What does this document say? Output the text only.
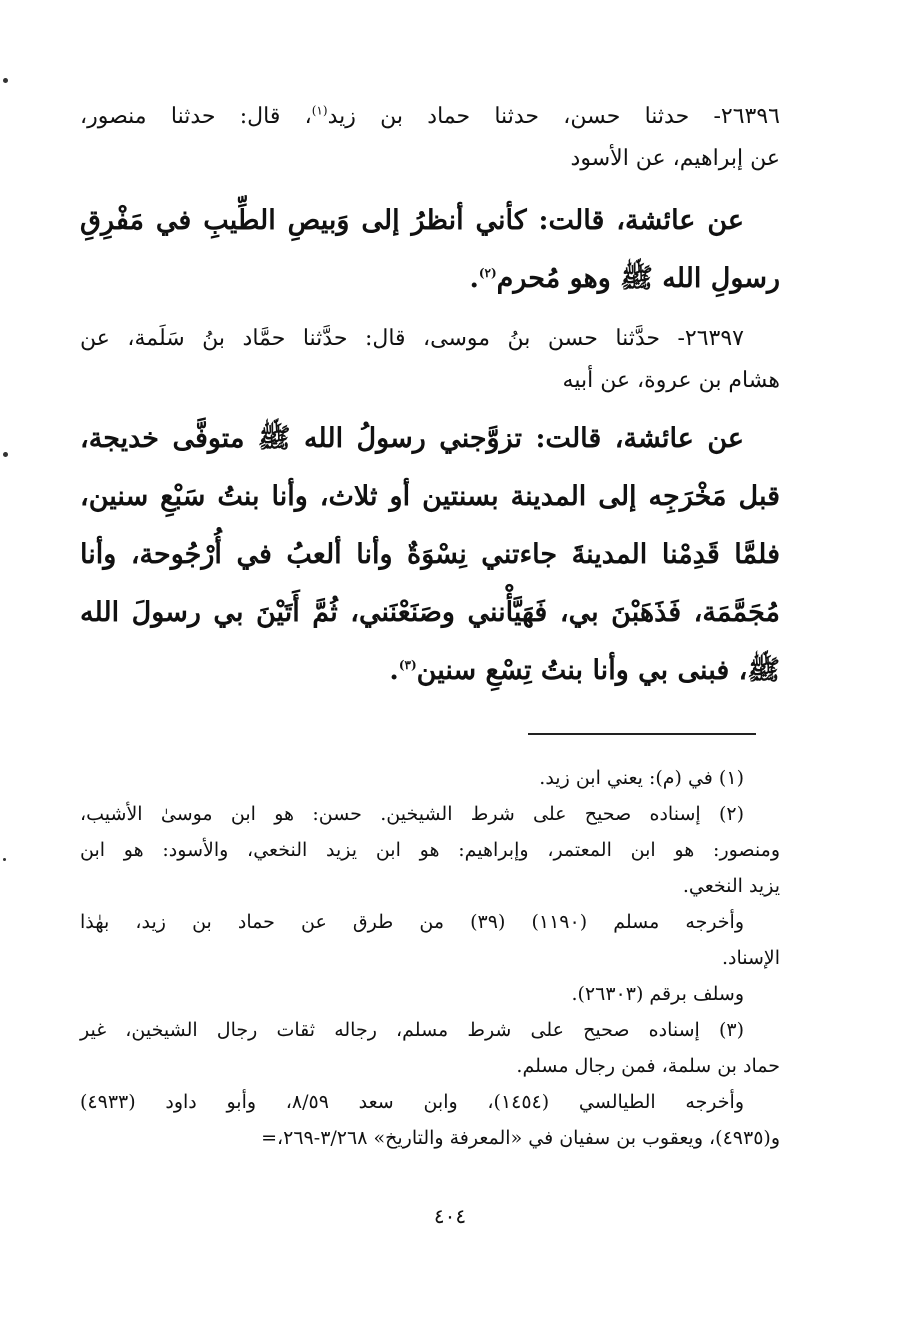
٢٦٣٩٦- حدثنا حسن، حدثنا حماد بن زيد$^{(١)}$، قال: حدثنا منصور،
عن إبراهيم، عن الأسود
عن عائشة، قالت: كأني أنظرُ إلى وَبيصِ الطِّيبِ في مَفْرِقِ
رسولِ الله ﷺ وهو مُحرم$^{(٢)}$.
٢٦٣٩٧- حدَّثنا حسن بنُ موسى، قال: حدَّثنا حمَّاد بنُ سَلَمة، عن
هشام بن عروة، عن أبيه
عن عائشة، قالت: تزوَّجني رسولُ الله ﷺ متوفَّى خديجة،
قبل مَخْرَجِه إلى المدينة بسنتين أو ثلاث، وأنا بنتُ سَبْعِ سنين،
فلمَّا قَدِمْنا المدينةَ جاءتني نِسْوَةٌ وأنا ألعبُ في أُرْجُوحة، وأنا
مُجَمَّمَة، فَذَهَبْنَ بي، فَهَيَّأْنني وصَنَعْنَني، ثُمَّ أَتَيْنَ بي رسولَ الله
ﷺ، فبنى بي وأنا بنتُ تِسْعِ سنين$^{(٣)}$.
(١) في (م): يعني ابن زيد.
(٢) إسناده صحيح على شرط الشيخين. حسن: هو ابن موسىٰ الأشيب،
ومنصور: هو ابن المعتمر، وإبراهيم: هو ابن يزيد النخعي، والأسود: هو ابن
يزيد النخعي.
وأخرجه مسلم (١١٩٠) (٣٩) من طرق عن حماد بن زيد، بهٰذا
الإسناد.
وسلف برقم (٢٦٣٠٣).
(٣) إسناده صحيح على شرط مسلم، رجاله ثقات رجال الشيخين، غير
حماد بن سلمة، فمن رجال مسلم.
وأخرجه الطيالسي (١٤٥٤)، وابن سعد ٨/٥٩، وأبو داود (٤٩٣٣)
و(٤٩٣٥)، ويعقوب بن سفيان في «المعرفة والتاريخ» ٣/٢٦٨-٢٦٩،=
٤٠٤
